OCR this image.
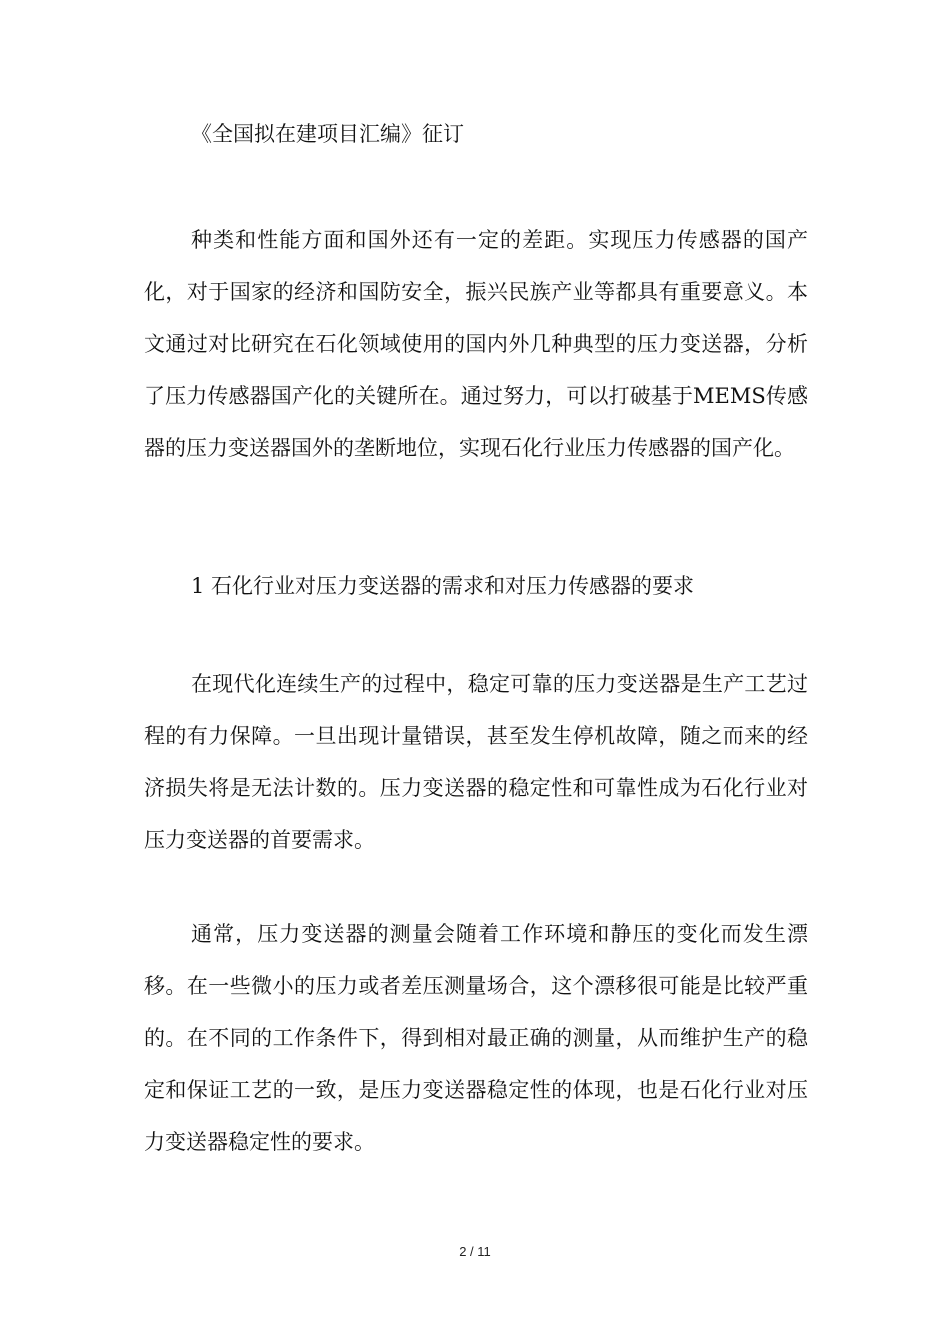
《全国拟在建项目汇编》征订

种类和性能方面和国外还有一定的差距。实现压力传感器的国产化，对于国家的经济和国防安全，振兴民族产业等都具有重要意义。本文通过对比研究在石化领域使用的国内外几种典型的压力变送器，分析了压力传感器国产化的关键所在。通过努力，可以打破基于MEMS传感器的压力变送器国外的垄断地位，实现石化行业压力传感器的国产化。

1 石化行业对压力变送器的需求和对压力传感器的要求

在现代化连续生产的过程中，稳定可靠的压力变送器是生产工艺过程的有力保障。一旦出现计量错误，甚至发生停机故障，随之而来的经济损失将是无法计数的。压力变送器的稳定性和可靠性成为石化行业对压力变送器的首要需求。

通常，压力变送器的测量会随着工作环境和静压的变化而发生漂移。在一些微小的压力或者差压测量场合，这个漂移很可能是比较严重的。在不同的工作条件下，得到相对最正确的测量，从而维护生产的稳定和保证工艺的一致，是压力变送器稳定性的体现，也是石化行业对压力变送器稳定性的要求。

2 / 11
